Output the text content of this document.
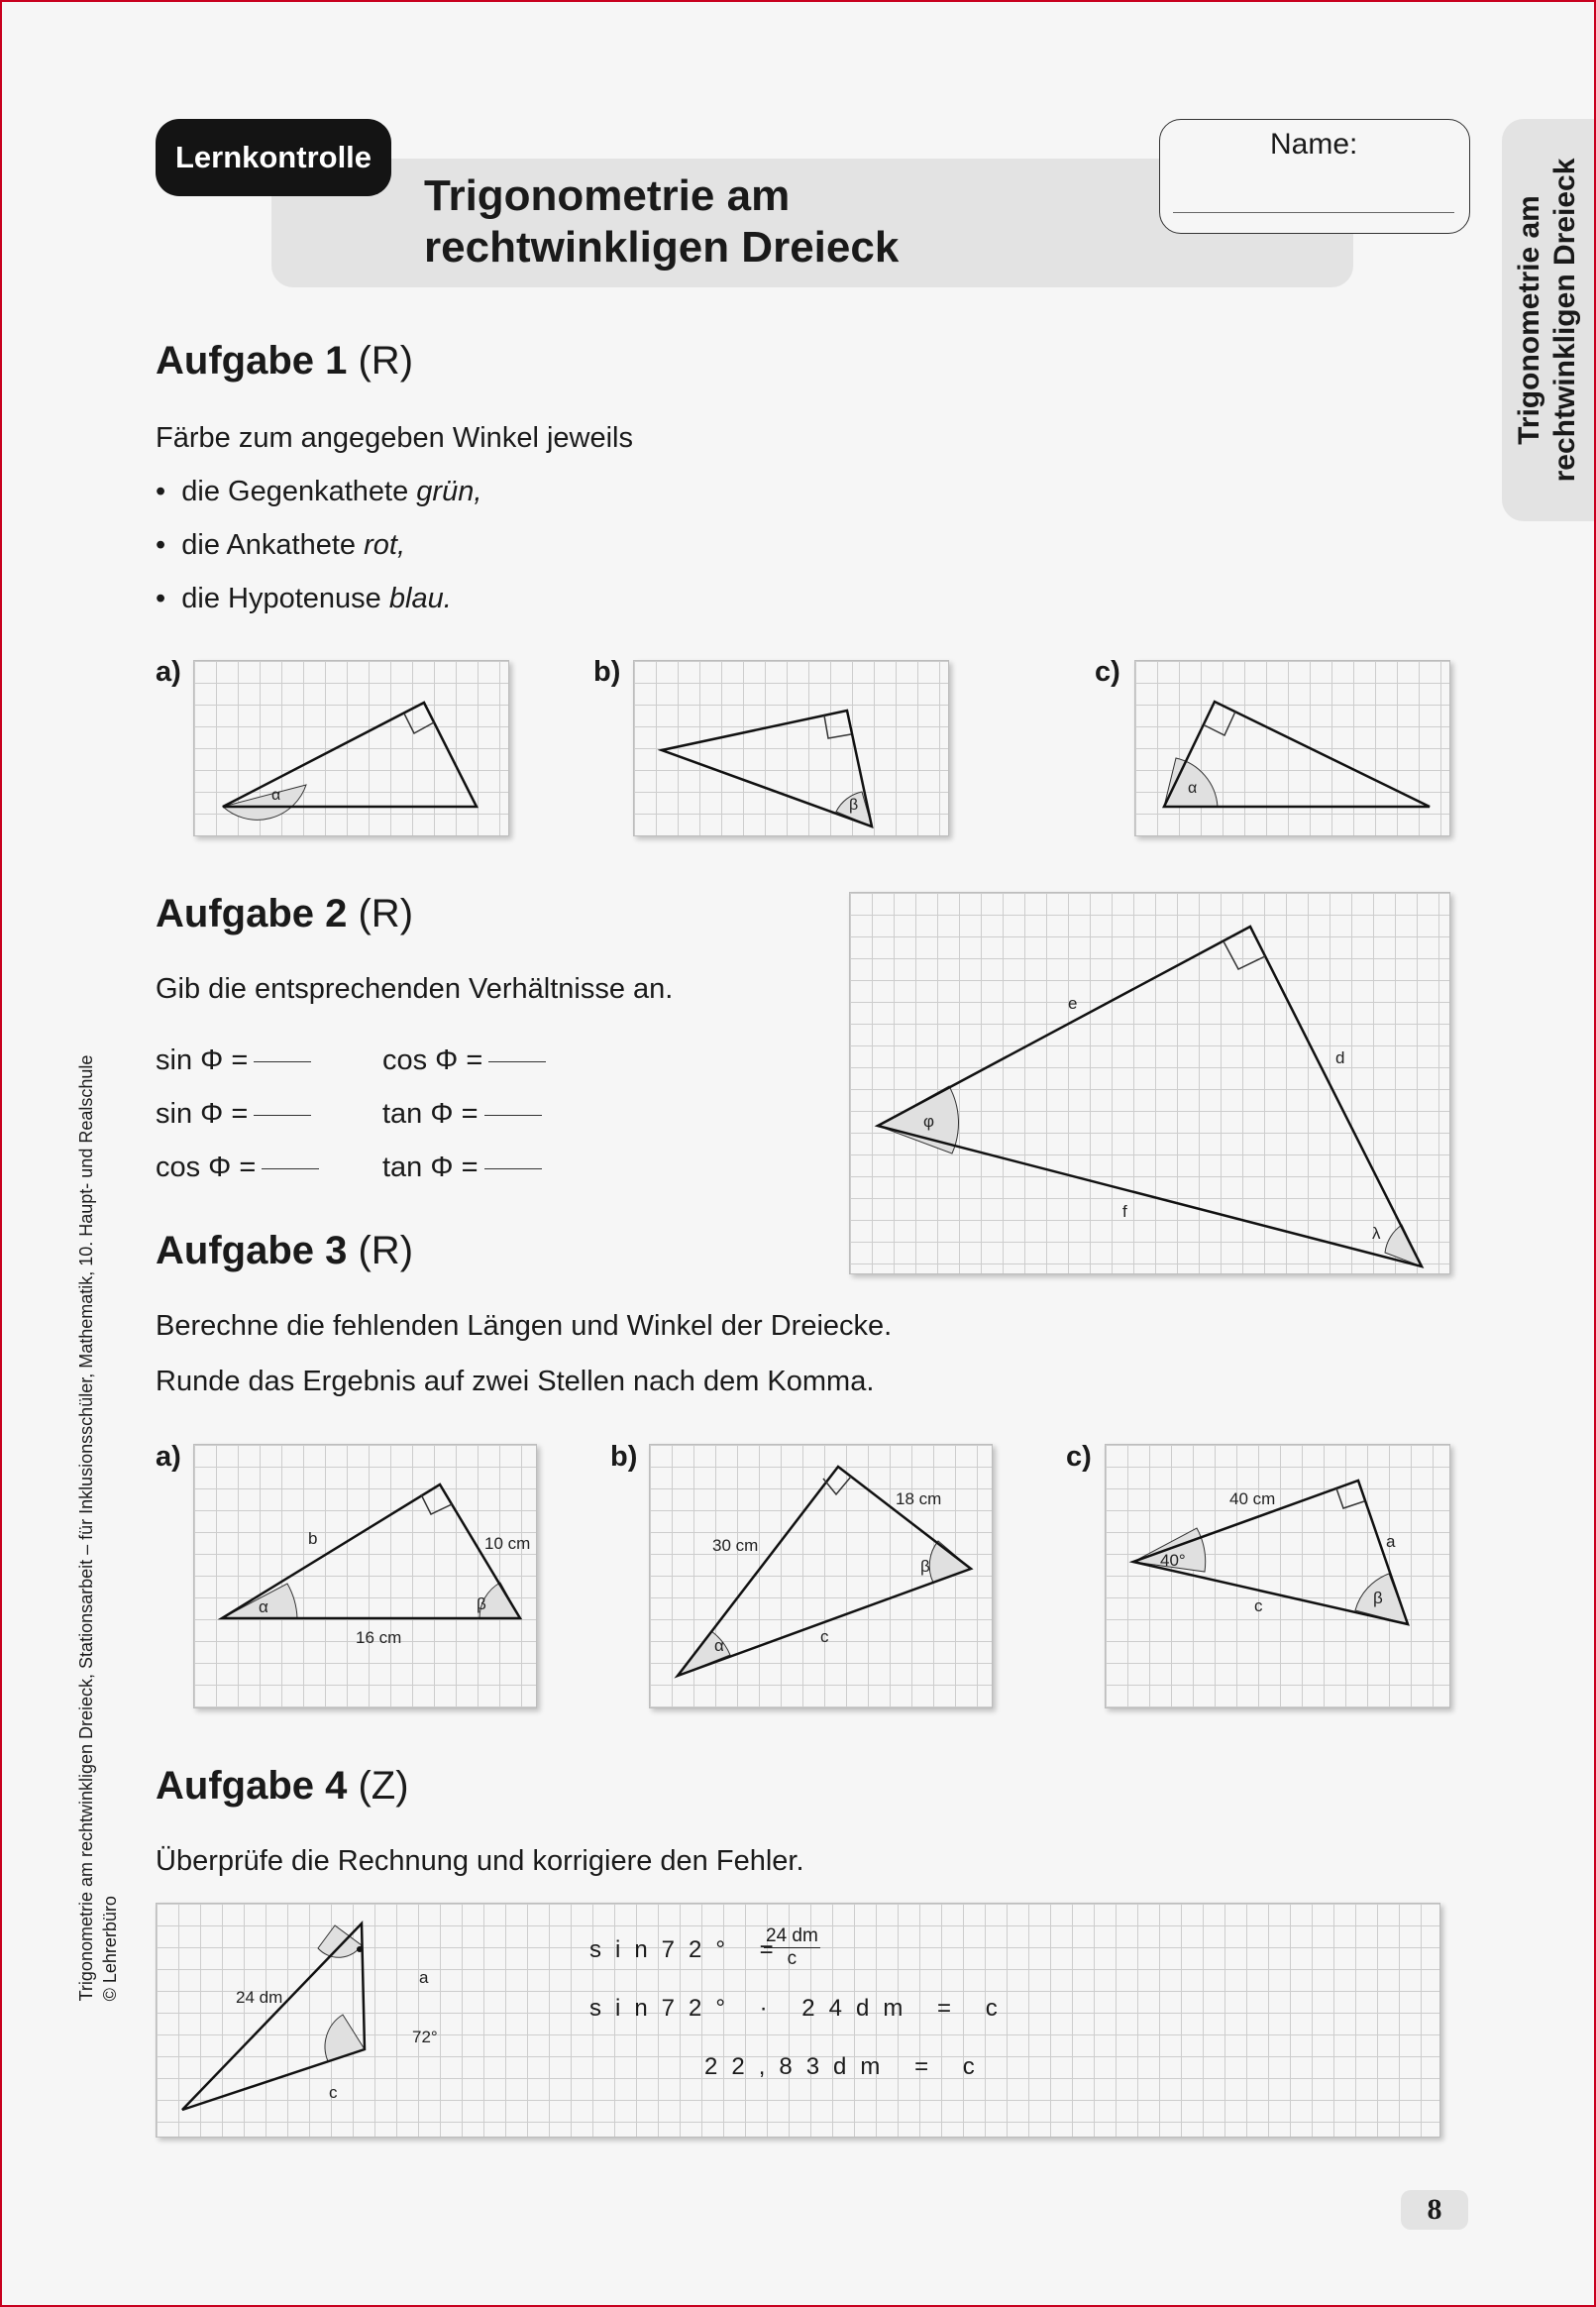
Lernkontrolle
Trigonometrie am
rechtwinkligen Dreieck
Name:
Trigonometrie am rechtwinkligen Dreieck
Trigonometrie am rechtwinkligen Dreieck, Stationsarbeit – für Inklusionsschüler, Mathematik, 10. Haupt- und Realschule © Lehrerbüro
Aufgabe 1 (R)
Färbe zum angegeben Winkel jeweils
•  die Gegenkathete grün,
•  die Ankathete rot,
•  die Hypotenuse blau.
a)
α
b)
β
c)
α
Aufgabe 2 (R)
Gib die entsprechenden Verhältnisse an.
sin Φ =	cos Φ =
sin Φ =	tan Φ =
cos Φ =	tan Φ =
e
d
f
φ
λ
Aufgabe 3 (R)
Berechne die fehlenden Längen und Winkel der Dreiecke.
Runde das Ergebnis auf zwei Stellen nach dem Komma.
a)
b	10 cm
16 cm
α	β
b)
30 cm
18 cm
c
α
β
c)
40 cm
a
c
40°
β
Aufgabe 4 (Z)
Überprüfe die Rechnung und korrigiere den Fehler.
24 dm
a
c
72°
sin72° =
24 dm
c
sin72° · 24dm = c
22,83dm = c
8
